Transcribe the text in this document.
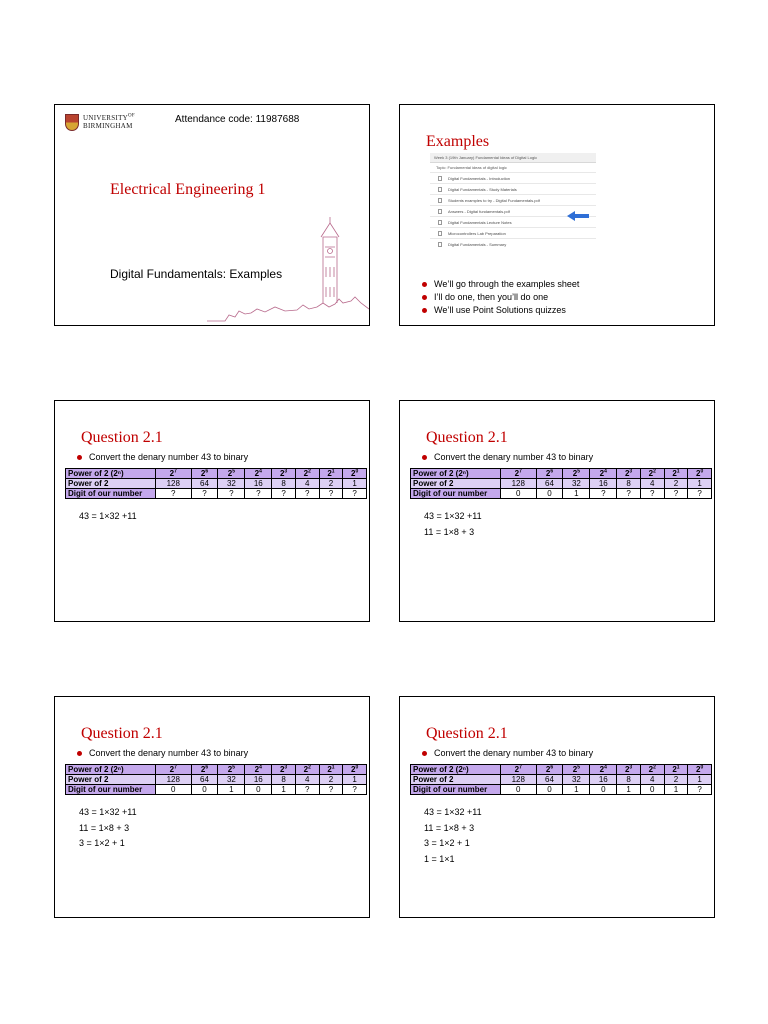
$UNIVERSITY^{OF}$
BIRMINGHAM
Attendance code: 11987688
Electrical Engineering 1
Digital Fundamentals: Examples
Examples
Week 3 (19th January) Fundamental Ideas of Digital Logic
Topic: Fundamental ideas of digital logic
Digital Fundamentals - Introduction
Digital Fundamentals - Study Materials
Students examples to try - Digital Fundamentals.pdf
Answers - Digital fundamentals.pdf
Digital Fundamentals Lecture Notes
Microcontrollers Lab Preparation
Digital Fundamentals - Summary
We’ll go through the examples sheet
I’ll do one, then you’ll do one
We’ll use Point Solutions quizzes
Question 2.1
Convert the denary number 43 to binary
Power of 2 (2ⁿ)	$2^7$	$2^6$	$2^5$	$2^4$	$2^3$	$2^2$	$2^1$	$2^0$
Power of 2	128	64	32	16	8	4	2	1
Digit of our number	?	?	?	?	?	?	?	?
43 = 1×32 +11
Question 2.1
Convert the denary number 43 to binary
Power of 2 (2ⁿ)	$2^7$	$2^6$	$2^5$	$2^4$	$2^3$	$2^2$	$2^1$	$2^0$
Power of 2	128	64	32	16	8	4	2	1
Digit of our number	0	0	1	?	?	?	?	?
43 = 1×32 +11
11 = 1×8 + 3
Question 2.1
Convert the denary number 43 to binary
Power of 2 (2ⁿ)	$2^7$	$2^6$	$2^5$	$2^4$	$2^3$	$2^2$	$2^1$	$2^0$
Power of 2	128	64	32	16	8	4	2	1
Digit of our number	0	0	1	0	1	?	?	?
43 = 1×32 +11
11 = 1×8 + 3
3 = 1×2 + 1
Question 2.1
Convert the denary number 43 to binary
Power of 2 (2ⁿ)	$2^7$	$2^6$	$2^5$	$2^4$	$2^3$	$2^2$	$2^1$	$2^0$
Power of 2	128	64	32	16	8	4	2	1
Digit of our number	0	0	1	0	1	0	1	?
43 = 1×32 +11
11 = 1×8 + 3
3 = 1×2 + 1
1 = 1×1
